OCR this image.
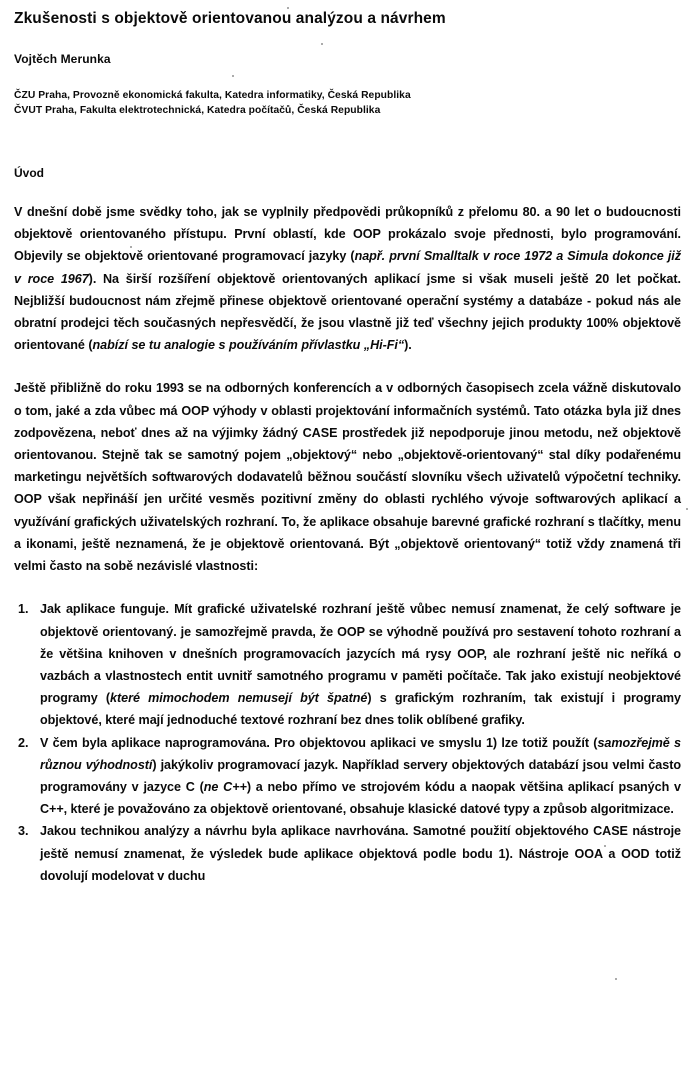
Zkušenosti s objektově orientovanou analýzou a návrhem

Vojtěch Merunka

ČZU Praha, Provozně ekonomická fakulta, Katedra informatiky, Česká Republika

ČVUT Praha, Fakulta elektrotechnická, Katedra počítačů, Česká Republika

Úvod

V dnešní době jsme svědky toho, jak se vyplnily předpovědi průkopníků z přelomu 80. a 90 let o budoucnosti objektově orientovaného přístupu. První oblastí, kde OOP prokázalo svoje přednosti, bylo programování. Objevily se objektově orientované programovací jazyky (např. první Smalltalk v roce 1972 a Simula dokonce již v roce 1967). Na širší rozšíření objektově orientovaných aplikací jsme si však museli ještě 20 let počkat. Nejbližší budoucnost nám zřejmě přinese objektově orientované operační systémy a databáze - pokud nás ale obratní prodejci těch současných nepřesvědčí, že jsou vlastně již teď všechny jejich produkty 100% objektově orientované (nabízí se tu analogie s používáním přívlastku „Hi-Fi“).

Ještě přibližně do roku 1993 se na odborných konferencích a v odborných časopisech zcela vážně diskutovalo o tom, jaké a zda vůbec má OOP výhody v oblasti projektování informačních systémů. Tato otázka byla již dnes zodpovězena, neboť dnes až na výjimky žádný CASE prostředek již nepodporuje jinou metodu, než objektově orientovanou. Stejně tak se samotný pojem „objektový“ nebo „objektově-orientovaný“ stal díky podařenému marketingu největších softwarových dodavatelů běžnou součástí slovníku všech uživatelů výpočetní techniky. OOP však nepřináší jen určité vesměs pozitivní změny do oblasti rychlého vývoje softwarových aplikací a využívání grafických uživatelských rozhraní. To, že aplikace obsahuje barevné grafické rozhraní s tlačítky, menu a ikonami, ještě neznamená, že je objektově orientovaná. Být „objektově orientovaný“ totiž vždy znamená tři velmi často na sobě nezávislé vlastnosti:

Jak aplikace funguje. Mít grafické uživatelské rozhraní ještě vůbec nemusí znamenat, že celý software je objektově orientovaný. je samozřejmě pravda, že OOP se výhodně používá pro sestavení tohoto rozhraní a že většina knihoven v dnešních programovacích jazycích má rysy OOP, ale rozhraní ještě nic neříká o vazbách a vlastnostech entit uvnitř samotného programu v paměti počítače. Tak jako existují neobjektové programy (které mimochodem nemusejí být špatné) s grafickým rozhraním, tak existují i programy objektové, které mají jednoduché textové rozhraní bez dnes tolik oblíbené grafiky.
V čem byla aplikace naprogramována. Pro objektovou aplikaci ve smyslu 1) lze totiž použít (samozřejmě s různou výhodností) jakýkoliv programovací jazyk. Například servery objektových databází jsou velmi často programovány v jazyce C (ne C++) a nebo přímo ve strojovém kódu a naopak většina aplikací psaných v C++, které je považováno za objektově orientované, obsahuje klasické datové typy a způsob algoritmizace.
Jakou technikou analýzy a návrhu byla aplikace navrhována. Samotné použití objektového CASE nástroje ještě nemusí znamenat, že výsledek bude aplikace objektová podle bodu 1). Nástroje OOA a OOD totiž dovolují modelovat v duchu
